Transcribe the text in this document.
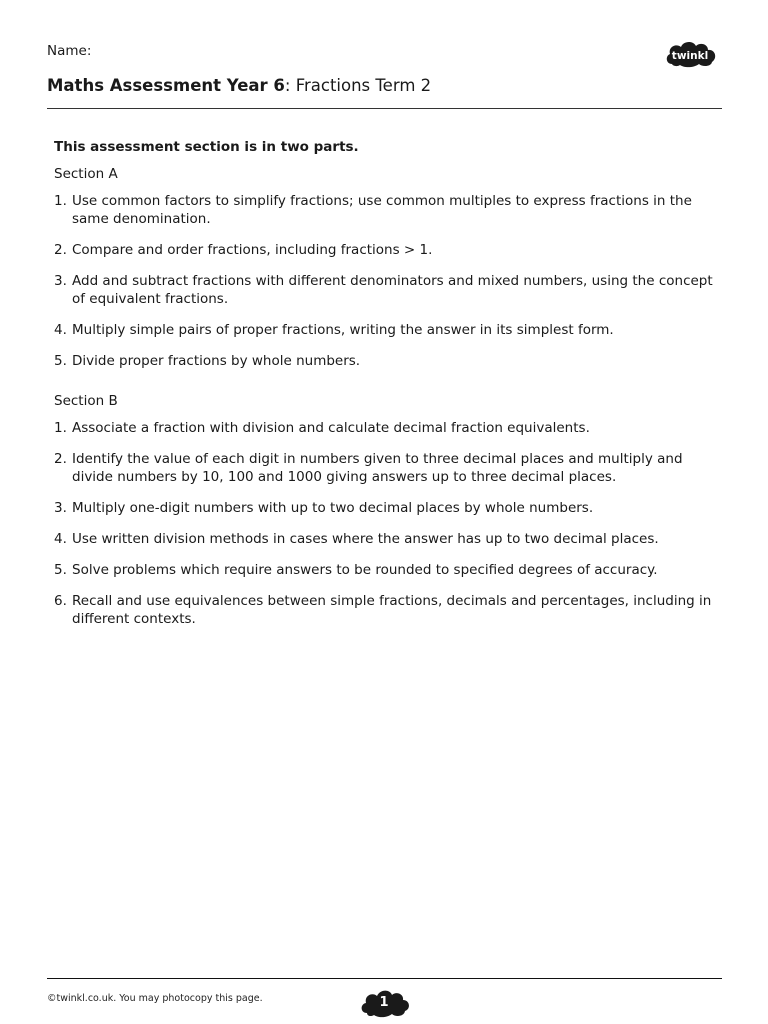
Name:	twinkl
Maths Assessment Year 6: Fractions Term 2

This assessment section is in two parts.

Section A

1. Use common factors to simplify fractions; use common multiples to express fractions in the same denomination.
2. Compare and order fractions, including fractions > 1.
3. Add and subtract fractions with different denominators and mixed numbers, using the concept of equivalent fractions.
4. Multiply simple pairs of proper fractions, writing the answer in its simplest form.
5. Divide proper fractions by whole numbers.

Section B

1. Associate a fraction with division and calculate decimal fraction equivalents.
2. Identify the value of each digit in numbers given to three decimal places and multiply and divide numbers by 10, 100 and 1000 giving answers up to three decimal places.
3. Multiply one-digit numbers with up to two decimal places by whole numbers.
4. Use written division methods in cases where the answer has up to two decimal places.
5. Solve problems which require answers to be rounded to specified degrees of accuracy.
6. Recall and use equivalences between simple fractions, decimals and percentages, including in different contexts.
©twinkl.co.uk. You may photocopy this page.	1
